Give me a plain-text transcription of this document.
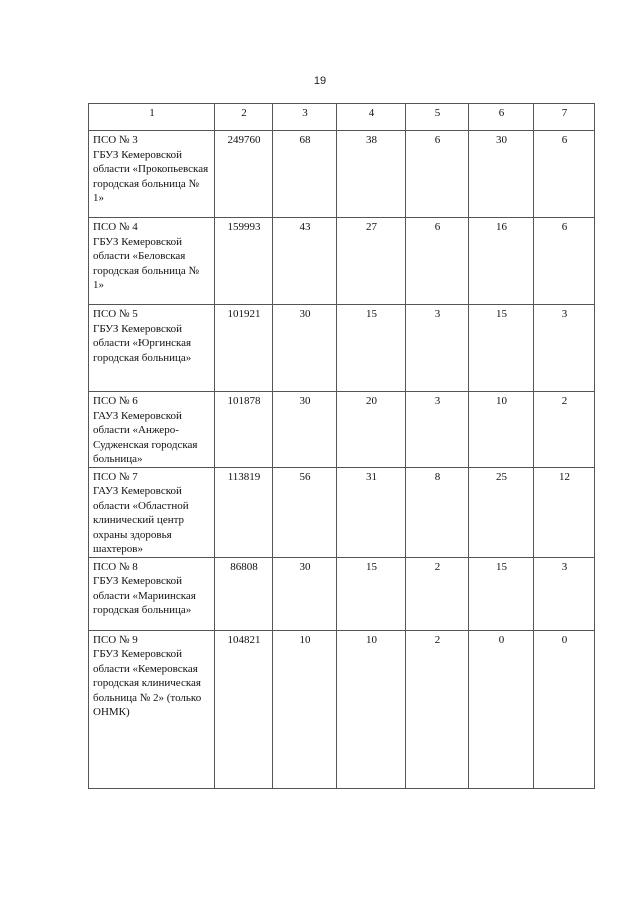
19
1	2	3	4	5	6	7
ПСО № 3
ГБУЗ Кемеровской области «Прокопьевская городская больница № 1»	249760	68	38	6	30	6
ПСО № 4
ГБУЗ Кемеровской области «Беловская городская больница № 1»	159993	43	27	6	16	6
ПСО № 5
ГБУЗ Кемеровской области «Юргинская городская больница»	101921	30	15	3	15	3
ПСО № 6
ГАУЗ Кемеровской области «Анжеро-Судженская городская больница»	101878	30	20	3	10	2
ПСО № 7
ГАУЗ Кемеровской области «Областной клинический центр охраны здоровья шахтеров»	113819	56	31	8	25	12
ПСО № 8
ГБУЗ Кемеровской области «Мариинская городская больница»	86808	30	15	2	15	3
ПСО № 9
ГБУЗ Кемеровской области «Кемеровская городская клиническая больница № 2» (только ОНМК)	104821	10	10	2	0	0
